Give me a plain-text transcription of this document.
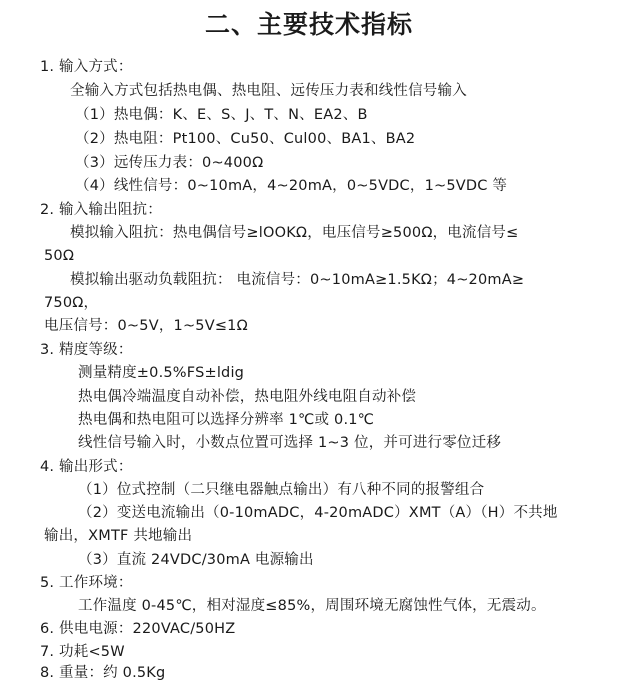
二、主要技术指标
1. 输入方式：
全输入方式包括热电偶、热电阻、远传压力表和线性信号输入
（1）热电偶：K、E、S、J、T、N、EA2、B
（2）热电阻：Pt100、Cu50、Cul00、BA1、BA2
（3）远传压力表：0~400Ω
（4）线性信号：0~10mA，4~20mA，0~5VDC，1~5VDC 等
2. 输入输出阻抗：
模拟输入阻抗：热电偶信号≥lOOKΩ，电压信号≥500Ω，电流信号≤
50Ω
模拟输出驱动负载阻抗： 电流信号：0~10mA≥1.5KΩ；4~20mA≥
750Ω，
电压信号：0~5V，1~5V≤1Ω
3. 精度等级：
测量精度±0.5%FS±ldig
热电偶冷端温度自动补偿，热电阻外线电阻自动补偿
热电偶和热电阻可以选择分辨率 1℃或 0.1℃
线性信号输入时，小数点位置可选择 1~3 位，并可进行零位迁移
4. 输出形式：
（1）位式控制（二只继电器触点输出）有八种不同的报警组合
（2）变送电流输出（0-10mADC，4-20mADC）XMT（A）（H）不共地
输出，XMTF 共地输出
（3）直流 24VDC/30mA 电源输出
5. 工作环境：
工作温度 0-45℃，相对湿度≤85%，周围环境无腐蚀性气体，无震动。
6. 供电电源：220VAC/50HZ
7. 功耗<5W
8. 重量：约 0.5Kg
